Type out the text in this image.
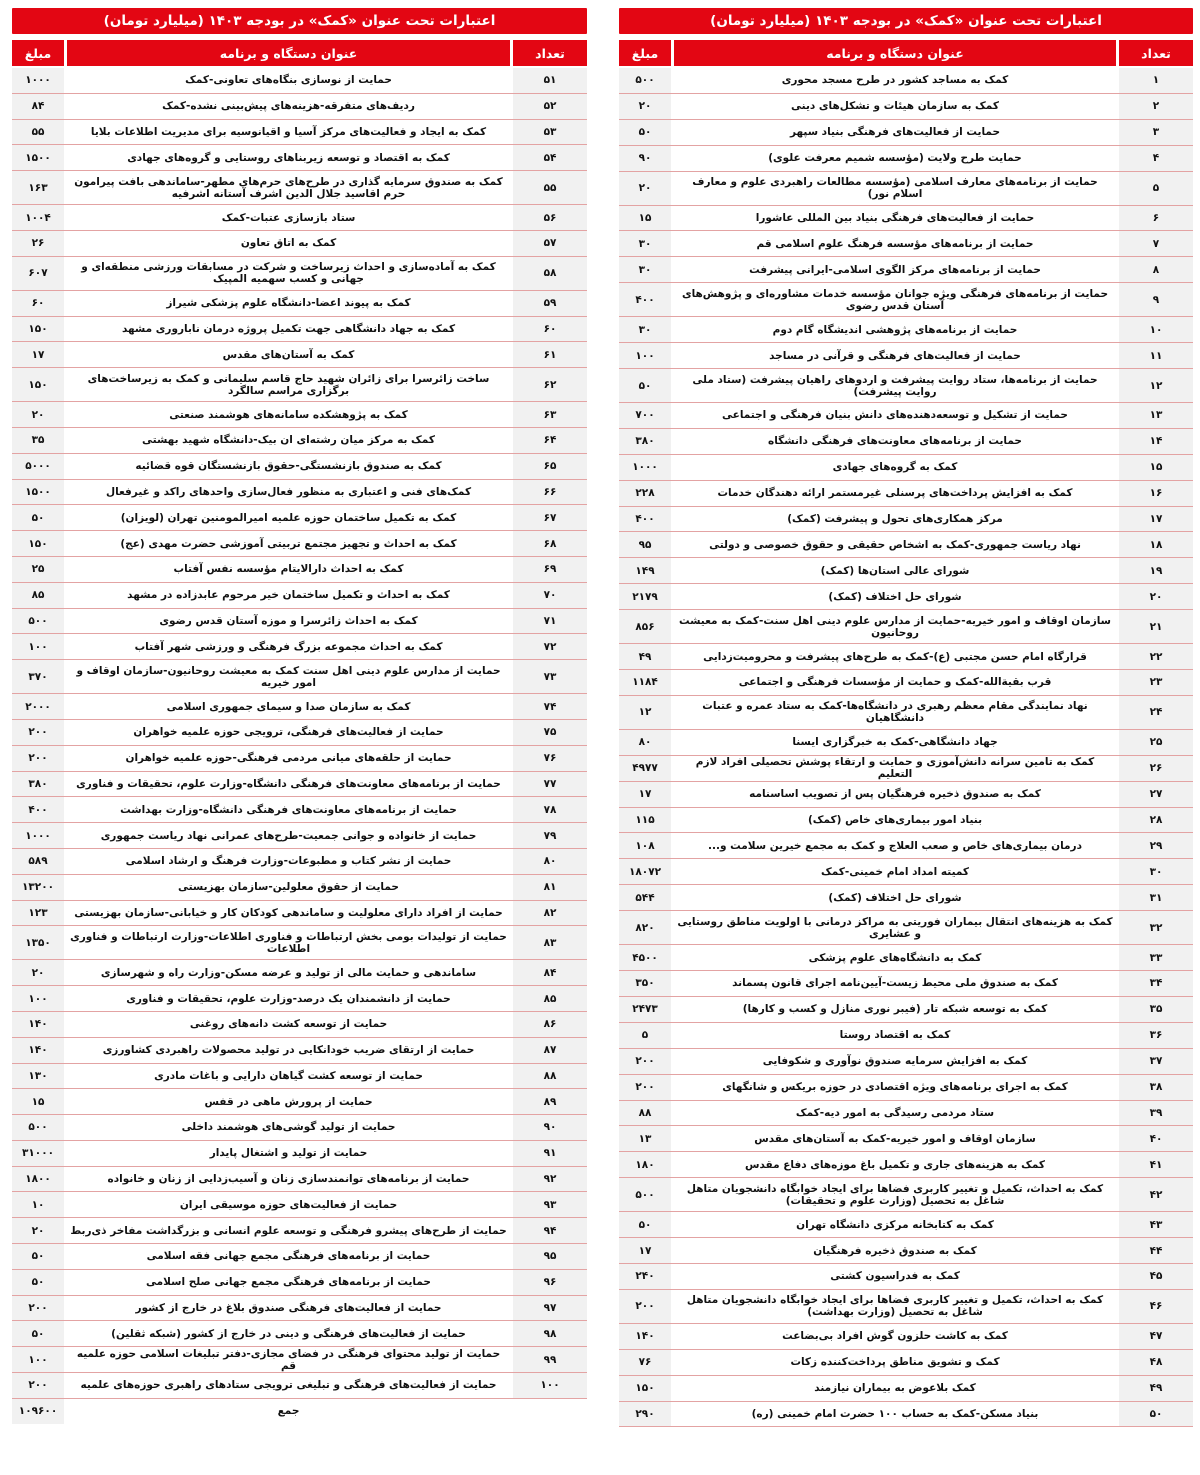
اعتبارات تحت عنوان «کمک» در بودجه ۱۴۰۳ (میلیارد تومان)
تعداد
عنوان دستگاه و برنامه
مبلغ
۱
کمک به مساجد کشور در طرح مسجد محوری
۵۰۰
۲
کمک به سازمان هیئات و تشکل‌های دینی
۲۰
۳
حمایت از فعالیت‌های فرهنگی بنیاد سپهر
۵۰
۴
حمایت طرح ولایت (مؤسسه شمیم معرفت علوی)
۹۰
۵
حمایت از برنامه‌های معارف اسلامی (مؤسسه مطالعات راهبردی علوم و معارف اسلام نور)
۲۰
۶
حمایت از فعالیت‌های فرهنگی بنیاد بین المللی عاشورا
۱۵
۷
حمایت از برنامه‌های مؤسسه فرهنگ علوم اسلامی قم
۳۰
۸
حمایت از برنامه‌های مرکز الگوی اسلامی-ایرانی پیشرفت
۳۰
۹
حمایت از برنامه‌های فرهنگی ویژه جوانان مؤسسه خدمات مشاوره‌ای و پژوهش‌های آستان قدس رضوی
۴۰۰
۱۰
حمایت از برنامه‌های پژوهشی اندیشگاه گام دوم
۳۰
۱۱
حمایت از فعالیت‌های فرهنگی و قرآنی در مساجد
۱۰۰
۱۲
حمایت از برنامه‌ها، ستاد روایت پیشرفت و اردوهای راهیان پیشرفت (ستاد ملی روایت پیشرفت)
۵۰
۱۳
حمایت از تشکیل و توسعه‌دهنده‌های دانش بنیان فرهنگی و اجتماعی
۷۰۰
۱۴
حمایت از برنامه‌های معاونت‌های فرهنگی دانشگاه
۳۸۰
۱۵
کمک به گروه‌های جهادی
۱۰۰۰
۱۶
کمک به افزایش پرداخت‌های پرسنلی غیرمستمر ارائه دهندگان خدمات
۲۲۸
۱۷
مرکز همکاری‌های تحول و پیشرفت (کمک)
۴۰۰
۱۸
نهاد ریاست جمهوری-کمک به اشخاص حقیقی و حقوق خصوصی و دولتی
۹۵
۱۹
شورای عالی استان‌ها (کمک)
۱۴۹
۲۰
شورای حل اختلاف (کمک)
۲۱۷۹
۲۱
سازمان اوقاف و امور خیریه-حمایت از مدارس علوم دینی اهل سنت-کمک به معیشت روحانیون
۸۵۶
۲۲
قرارگاه امام حسن مجتبی (ع)-کمک به طرح‌های پیشرفت و محرومیت‌زدایی
۴۹
۲۳
قرب بقیةالله-کمک و حمایت از مؤسسات فرهنگی و اجتماعی
۱۱۸۴
۲۴
نهاد نمایندگی مقام معظم رهبری در دانشگاه‌ها-کمک به ستاد عمره و عتبات دانشگاهیان
۱۲
۲۵
جهاد دانشگاهی-کمک به خبرگزاری ایسنا
۸۰
۲۶
کمک به تامین سرانه دانش‌آموزی و حمایت و ارتقاء پوشش تحصیلی افراد لازم التعلیم
۴۹۷۷
۲۷
کمک به صندوق ذخیره فرهنگیان پس از تصویب اساسنامه
۱۷
۲۸
بنیاد امور بیماری‌های خاص (کمک)
۱۱۵
۲۹
درمان بیماری‌های خاص و صعب العلاج و کمک به مجمع خیرین سلامت و...
۱۰۸
۳۰
کمیته امداد امام خمینی-کمک
۱۸۰۷۲
۳۱
شورای حل اختلاف (کمک)
۵۴۴
۳۲
کمک به هزینه‌های انتقال بیماران فوریتی به مراکز درمانی با اولویت مناطق روستایی و عشایری
۸۲۰
۳۳
کمک به دانشگاه‌های علوم پزشکی
۴۵۰۰
۳۴
کمک به صندوق ملی محیط زیست-آیین‌نامه اجرای قانون پسماند
۳۵۰
۳۵
کمک به توسعه شبکه تار (فیبر نوری منازل و کسب و کارها)
۲۴۷۳
۳۶
کمک به اقتصاد روستا
۵
۳۷
کمک به افزایش سرمایه صندوق نوآوری و شکوفایی
۲۰۰
۳۸
کمک به اجرای برنامه‌های ویژه اقتصادی در حوزه بریکس و شانگهای
۲۰۰
۳۹
ستاد مردمی رسیدگی به امور دیه-کمک
۸۸
۴۰
سازمان اوقاف و امور خیریه-کمک به آستان‌های مقدس
۱۳
۴۱
کمک به هزینه‌های جاری و تکمیل باغ موزه‌های دفاع مقدس
۱۸۰
۴۲
کمک به احداث، تکمیل و تغییر کاربری فضاها برای ایجاد خوابگاه دانشجویان متاهل شاغل به تحصیل (وزارت علوم و تحقیقات)
۵۰۰
۴۳
کمک به کتابخانه مرکزی دانشگاه تهران
۵۰
۴۴
کمک به صندوق ذخیره فرهنگیان
۱۷
۴۵
کمک به فدراسیون کشتی
۲۴۰
۴۶
کمک به احداث، تکمیل و تغییر کاربری فضاها برای ایجاد خوابگاه دانشجویان متاهل شاغل به تحصیل (وزارت بهداشت)
۲۰۰
۴۷
کمک به کاشت حلزون گوش افراد بی‌بضاعت
۱۴۰
۴۸
کمک و تشویق مناطق پرداخت‌کننده زکات
۷۶
۴۹
کمک بلاعوض به بیماران نیازمند
۱۵۰
۵۰
بنیاد مسکن-کمک به حساب ۱۰۰ حضرت امام خمینی (ره)
۲۹۰
اعتبارات تحت عنوان «کمک» در بودجه ۱۴۰۳ (میلیارد تومان)
تعداد
عنوان دستگاه و برنامه
مبلغ
۵۱
حمایت از نوسازی بنگاه‌های تعاونی-کمک
۱۰۰۰
۵۲
ردیف‌های متفرقه-هزینه‌های پیش‌بینی نشده-کمک
۸۴
۵۳
کمک به ایجاد و فعالیت‌های مرکز آسیا و اقیانوسیه برای مدیریت اطلاعات بلایا
۵۵
۵۴
کمک به اقتصاد و توسعه زیربناهای روستایی و گروه‌های جهادی
۱۵۰۰
۵۵
کمک به صندوق سرمایه گذاری در طرح‌های حرم‌های مطهر-ساماندهی بافت پیرامون حرم اقاسید جلال الدین اشرف آستانه اشرفیه
۱۶۳
۵۶
ستاد بازسازی عتبات-کمک
۱۰۰۴
۵۷
کمک به اتاق تعاون
۲۶
۵۸
کمک به آماده‌سازی و احداث زیرساخت و شرکت در مسابقات ورزشی منطقه‌ای و جهانی و کسب سهمیه المپیک
۶۰۷
۵۹
کمک به پیوند اعضا-دانشگاه علوم پزشکی شیراز
۶۰
۶۰
کمک به جهاد دانشگاهی جهت تکمیل پروژه درمان ناباروری مشهد
۱۵۰
۶۱
کمک به آستان‌های مقدس
۱۷
۶۲
ساخت زائرسرا برای زائران شهید حاج قاسم سلیمانی و کمک به زیرساخت‌های برگزاری مراسم سالگرد
۱۵۰
۶۳
کمک به پژوهشکده سامانه‌های هوشمند صنعتی
۲۰
۶۴
کمک به مرکز میان رشته‌ای ان بیک-دانشگاه شهید بهشتی
۳۵
۶۵
کمک به صندوق بازنشستگی-حقوق بازنشستگان قوه قضائیه
۵۰۰۰
۶۶
کمک‌های فنی و اعتباری به منظور فعال‌سازی واحدهای راکد و غیرفعال
۱۵۰۰
۶۷
کمک به تکمیل ساختمان حوزه علمیه امیرالمومنین تهران (لویزان)
۵۰
۶۸
کمک به احداث و تجهیز مجتمع تربیتی آموزشی حضرت مهدی (عج)
۱۵۰
۶۹
کمک به احداث دارالایتام مؤسسه نفس آفتاب
۲۵
۷۰
کمک به احداث و تکمیل ساختمان خیر مرحوم عابدزاده در مشهد
۸۵
۷۱
کمک به احداث زائرسرا و موزه آستان قدس رضوی
۵۰۰
۷۲
کمک به احداث مجموعه بزرگ فرهنگی و ورزشی شهر آفتاب
۱۰۰
۷۳
حمایت از مدارس علوم دینی اهل سنت کمک به معیشت روحانیون-سازمان اوقاف و امور خیریه
۳۷۰
۷۴
کمک به سازمان صدا و سیمای جمهوری اسلامی
۲۰۰۰
۷۵
حمایت از فعالیت‌های فرهنگی، ترویجی حوزه علمیه خواهران
۲۰۰
۷۶
حمایت از حلقه‌های میانی مردمی فرهنگی-حوزه علمیه خواهران
۲۰۰
۷۷
حمایت از برنامه‌های معاونت‌های فرهنگی دانشگاه-وزارت علوم، تحقیقات و فناوری
۳۸۰
۷۸
حمایت از برنامه‌های معاونت‌های فرهنگی دانشگاه-وزارت بهداشت
۴۰۰
۷۹
حمایت از خانواده و جوانی جمعیت-طرح‌های عمرانی نهاد ریاست جمهوری
۱۰۰۰
۸۰
حمایت از نشر کتاب و مطبوعات-وزارت فرهنگ و ارشاد اسلامی
۵۸۹
۸۱
حمایت از حقوق معلولین-سازمان بهزیستی
۱۳۲۰۰
۸۲
حمایت از افراد دارای معلولیت و ساماندهی کودکان کار و خیابانی-سازمان بهزیستی
۱۲۳
۸۳
حمایت از تولیدات بومی بخش ارتباطات و فناوری اطلاعات-وزارت ارتباطات و فناوری اطلاعات
۱۳۵۰
۸۴
ساماندهی و حمایت مالی از تولید و عرضه مسکن-وزارت راه و شهرسازی
۲۰
۸۵
حمایت از دانشمندان یک درصد-وزارت علوم، تحقیقات و فناوری
۱۰۰
۸۶
حمایت از توسعه کشت دانه‌های روغنی
۱۴۰
۸۷
حمایت از ارتقای ضریب خودانکایی در تولید محصولات راهبردی کشاورزی
۱۴۰
۸۸
حمایت از توسعه کشت گیاهان دارایی و باغات مادری
۱۳۰
۸۹
حمایت از پرورش ماهی در قفس
۱۵
۹۰
حمایت از تولید گوشی‌های هوشمند داخلی
۵۰۰
۹۱
حمایت از تولید و اشتغال پایدار
۳۱۰۰۰
۹۲
حمایت از برنامه‌های توانمندسازی زنان و آسیب‌زدایی از زنان و خانواده
۱۸۰۰
۹۳
حمایت از فعالیت‌های حوزه موسیقی ایران
۱۰
۹۴
حمایت از طرح‌های پیشرو فرهنگی و توسعه علوم انسانی و بزرگداشت مفاخر ذی‌ربط
۲۰
۹۵
حمایت از برنامه‌های فرهنگی مجمع جهانی فقه اسلامی
۵۰
۹۶
حمایت از برنامه‌های فرهنگی مجمع جهانی صلح اسلامی
۵۰
۹۷
حمایت از فعالیت‌های فرهنگی صندوق بلاغ در خارج از کشور
۲۰۰
۹۸
حمایت از فعالیت‌های فرهنگی و دینی در خارج از کشور (شبکه ثقلین)
۵۰
۹۹
حمایت از تولید محتوای فرهنگی در فضای مجازی-دفتر تبلیغات اسلامی حوزه علمیه قم
۱۰۰
۱۰۰
حمایت از فعالیت‌های فرهنگی و تبلیغی ترویجی ستادهای راهبری حوزه‌های علمیه
۲۰۰
جمع
۱۰۹۶۰۰
